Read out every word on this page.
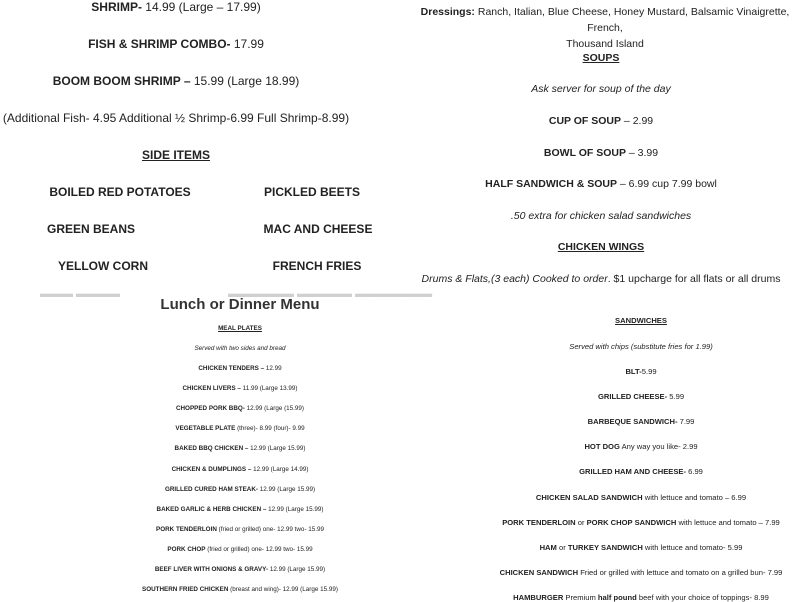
SHRIMP- 14.99 (Large – 17.99)
FISH & SHRIMP COMBO- 17.99
BOOM BOOM SHRIMP – 15.99 (Large 18.99)
(Additional Fish- 4.95 Additional ½ Shrimp-6.99 Full Shrimp-8.99)
SIDE ITEMS
BOILED RED POTATOES	PICKLED BEETS
GREEN BEANS	MAC AND CHEESE
YELLOW CORN	FRENCH FRIES
Dressings: Ranch, Italian, Blue Cheese, Honey Mustard, Balsamic Vinaigrette, French,
Thousand Island
SOUPS
Ask server for soup of the day
CUP OF SOUP – 2.99
BOWL OF SOUP – 3.99
HALF SANDWICH & SOUP – 6.99 cup 7.99 bowl
.50 extra for chicken salad sandwiches
CHICKEN WINGS
Drums & Flats,(3 each) Cooked to order. $1 upcharge for all flats or all drums
▬▬▬ ▬▬▬▬	▬▬▬▬▬▬ ▬▬▬▬▬ ▬▬▬▬▬▬▬
Lunch or Dinner Menu
MEAL PLATES
Served with two sides and bread
CHICKEN TENDERS – 12.99
CHICKEN LIVERS – 11.99 (Large 13.99)
CHOPPED PORK BBQ- 12.99 (Large (15.99)
VEGETABLE PLATE (three)- 8.99 (four)- 9.99
BAKED BBQ CHICKEN – 12.99 (Large 15.99)
CHICKEN & DUMPLINGS – 12.99 (Large 14.99)
GRILLED CURED HAM STEAK- 12.99 (Large 15.99)
BAKED GARLIC & HERB CHICKEN – 12.99 (Large 15.99)
PORK TENDERLOIN (fried or grilled) one- 12.99 two- 15.99
PORK CHOP (fried or grilled) one- 12.99 two- 15.99
BEEF LIVER WITH ONIONS & GRAVY- 12.99 (Large 15.99)
SOUTHERN FRIED CHICKEN (breast and wing)- 12.99 (Large 15.99)
SANDWICHES
Served with chips (substitute fries for 1.99)
BLT-5.99
GRILLED CHEESE- 5.99
BARBEQUE SANDWICH- 7.99
HOT DOG Any way you like- 2.99
GRILLED HAM AND CHEESE- 6.99
CHICKEN SALAD SANDWICH with lettuce and tomato – 6.99
PORK TENDERLOIN or PORK CHOP SANDWICH with lettuce and tomato – 7.99
HAM or TURKEY SANDWICH with lettuce and tomato- 5.99
CHICKEN SANDWICH Fried or grilled with lettuce and tomato on a grilled bun- 7.99
HAMBURGER Premium half pound beef with your choice of toppings- 8.99
